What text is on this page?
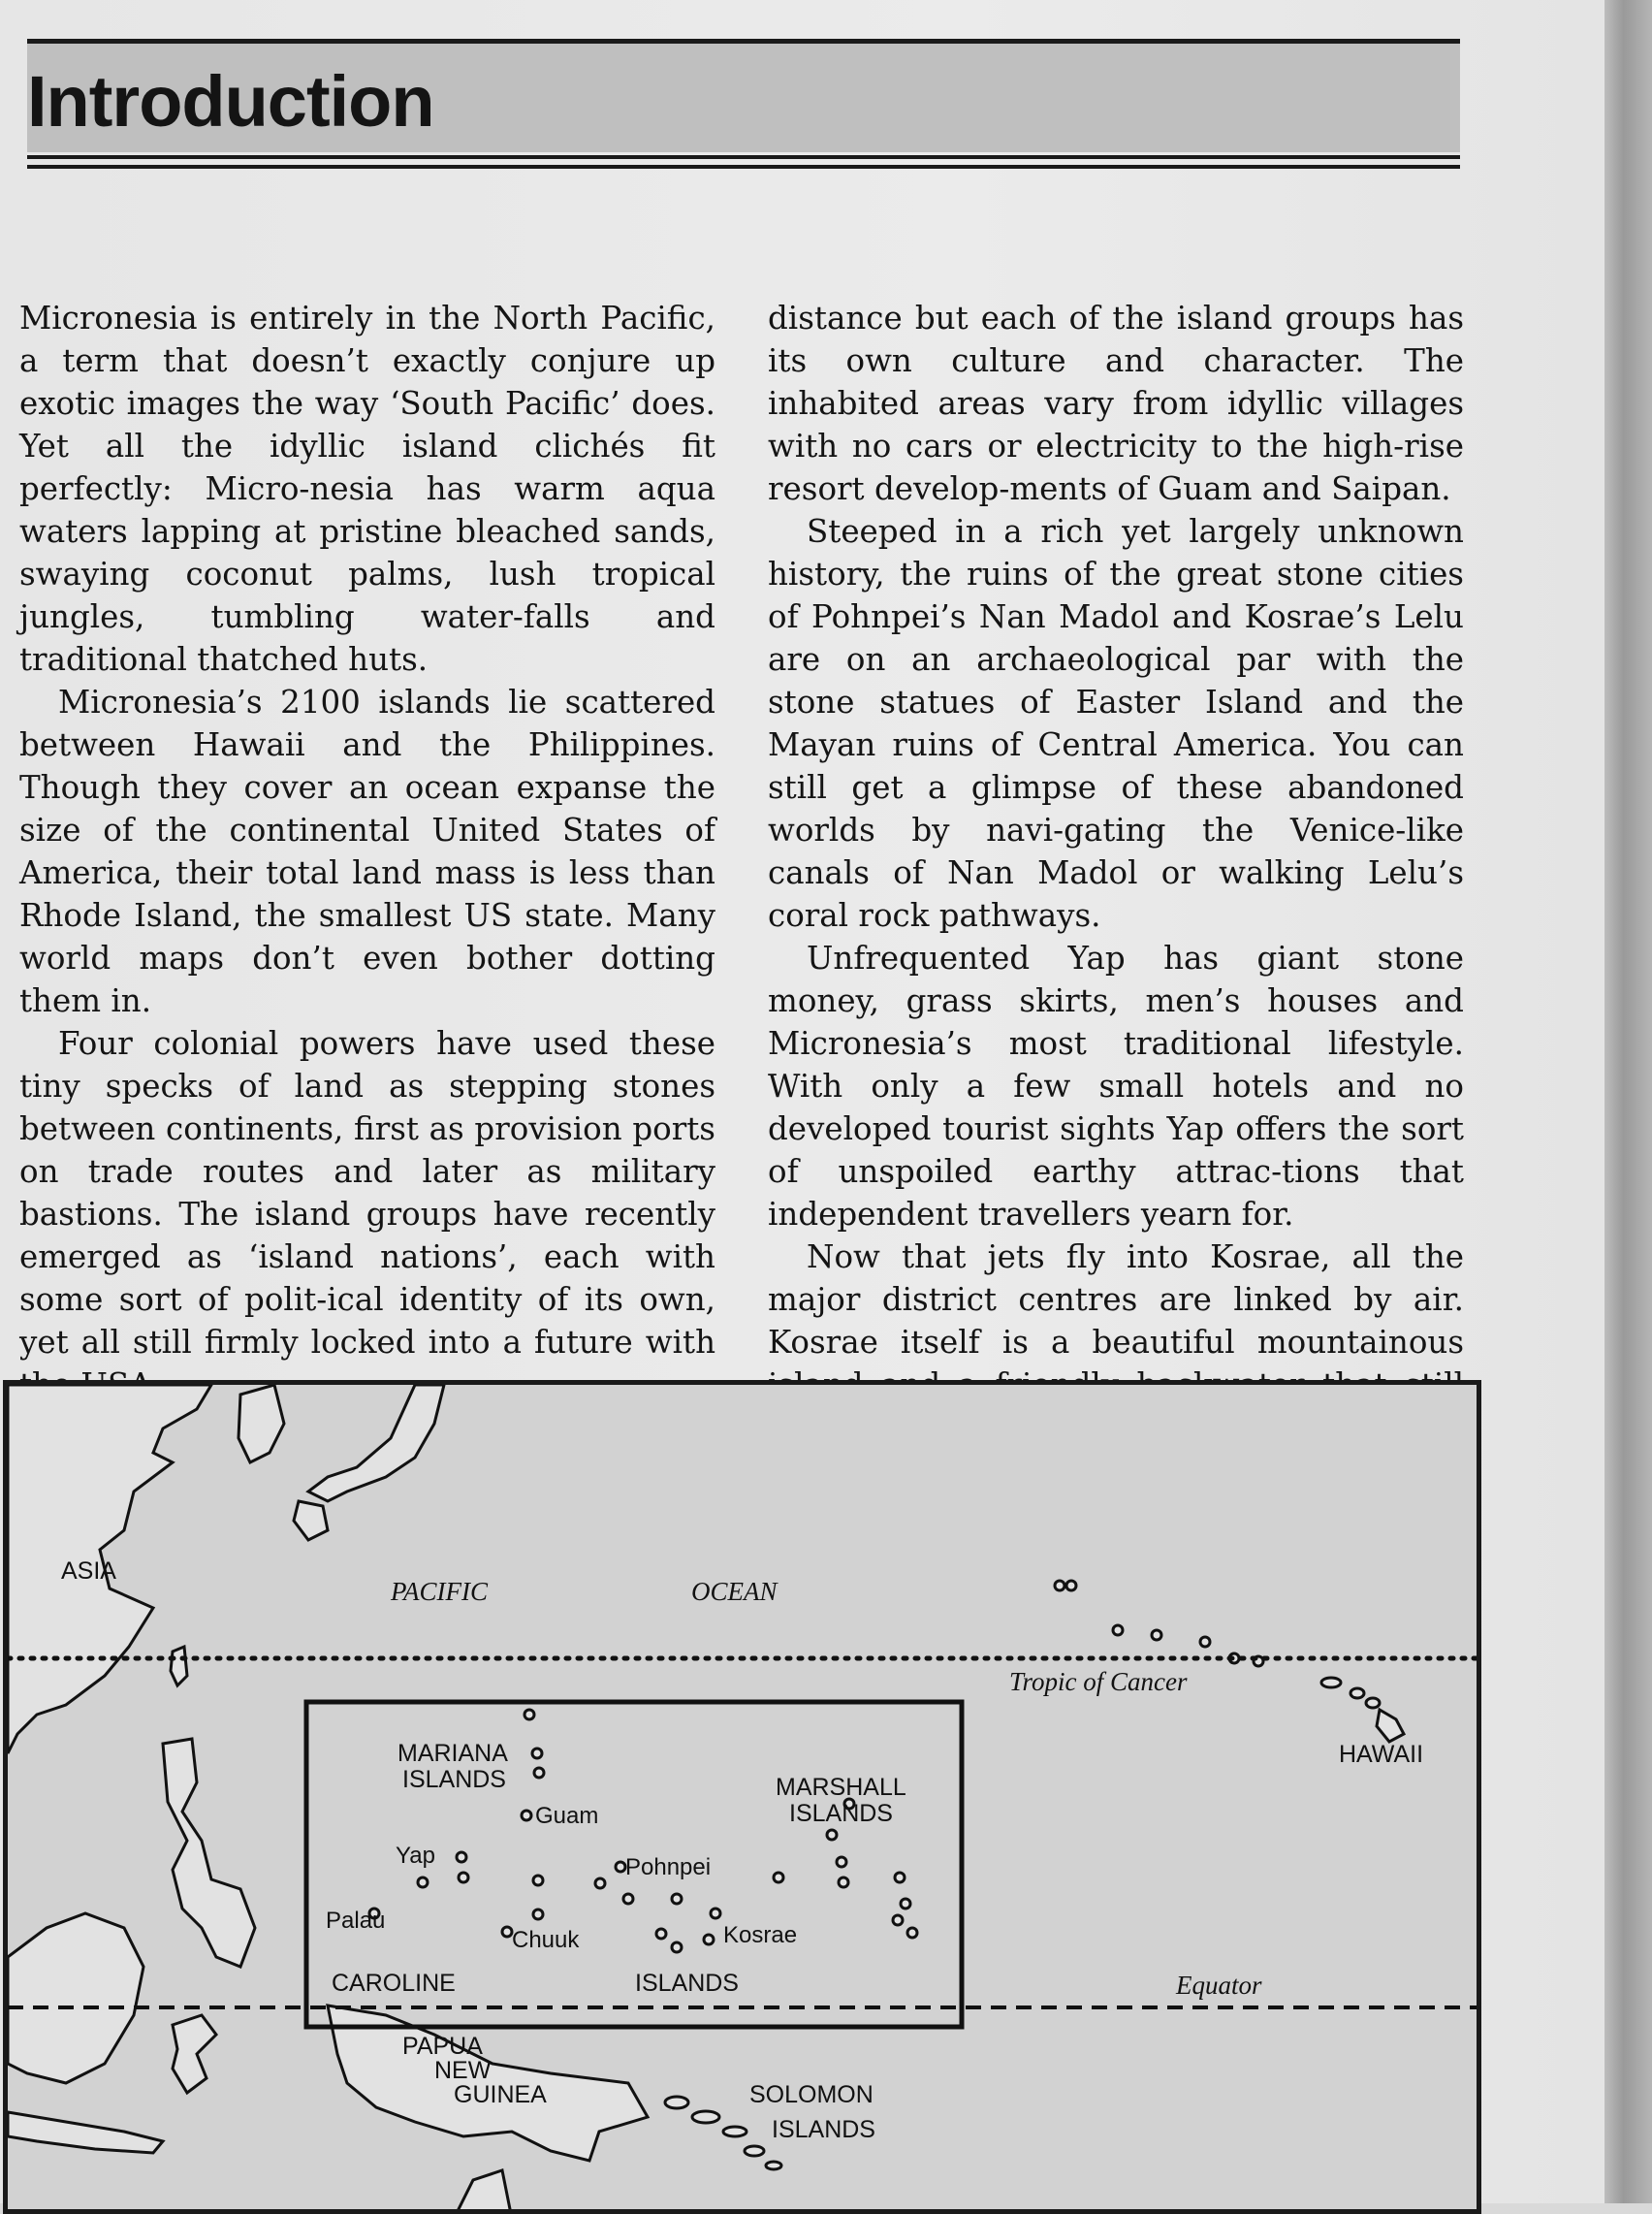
Introduction

Micronesia is entirely in the North Pacific, a term that doesn’t exactly conjure up exotic images the way ‘South Pacific’ does. Yet all the idyllic island clichés fit perfectly: Micro-nesia has warm aqua waters lapping at pristine bleached sands, swaying coconut palms, lush tropical jungles, tumbling water-falls and traditional thatched huts.

Micronesia’s 2100 islands lie scattered between Hawaii and the Philippines. Though they cover an ocean expanse the size of the continental United States of America, their total land mass is less than Rhode Island, the smallest US state. Many world maps don’t even bother dotting them in.

Four colonial powers have used these tiny specks of land as stepping stones between continents, first as provision ports on trade routes and later as military bastions. The island groups have recently emerged as ‘island nations’, each with some sort of polit-ical identity of its own, yet all still firmly locked into a future with

distance but each of the island groups has its own culture and character. The inhabited areas vary from idyllic villages with no cars or electricity to the high-rise resort develop-ments of Guam and Saipan.

Steeped in a rich yet largely unknown history, the ruins of the great stone cities of Pohnpei’s Nan Madol and Kosrae’s Lelu are on an archaeological par with the stone statues of Easter Island and the Mayan ruins of Central America. You can still get a glimpse of these abandoned worlds by navi-gating the Venice-like canals of Nan Madol or walking Lelu’s coral rock pathways.

Unfrequented Yap has giant stone money, grass skirts, men’s houses and Micronesia’s most traditional lifestyle. With only a few small hotels and no developed tourist sights Yap offers the sort of unspoiled earthy attrac-tions that independent travellers yearn for.

Now that jets fly into Kosrae, all the major district centres are linked by air. Kosrae itself is a beautiful mountainous

ASIA
PACIFIC	OCEAN
Tropic of Cancer
HAWAII
MARIANA
ISLANDS
Guam
MARSHALL
ISLANDS
Yap	Pohnpei
Palau
Chuuk	Kosrae
CAROLINE	ISLANDS	Equator
PAPUA
NEW
GUINEA	SOLOMON
ISLANDS
